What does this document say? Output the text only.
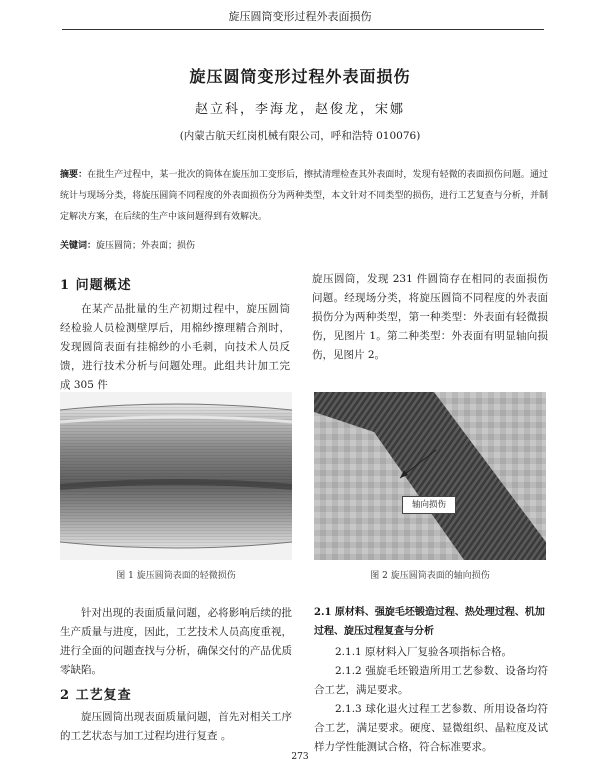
旋压圆筒变形过程外表面损伤
旋压圆筒变形过程外表面损伤
赵立科，李海龙，赵俊龙，宋娜
(内蒙古航天红岗机械有限公司，呼和浩特 010076)
摘要：在批生产过程中，某一批次的筒体在旋压加工变形后，擦拭清理检查其外表面时，发现有轻微的表面损伤问题。通过统计与现场分类，将旋压圆筒不同程度的外表面损伤分为两种类型，本文针对不同类型的损伤，进行工艺复查与分析，并制定解决方案，在后续的生产中该问题得到有效解决。
关键词：旋压圆筒；外表面；损伤
1 问题概述
在某产品批量的生产初期过程中，旋压圆筒经检验人员检测壁厚后，用棉纱擦理精合剂时，发现圆筒表面有挂棉纱的小毛刺，向技术人员反馈，进行技术分析与问题处理。此组共计加工完成 305 件
旋压圆筒，发现 231 件圆筒存在相同的表面损伤问题。经现场分类，将旋压圆筒不同程度的外表面损伤分为两种类型，第一种类型：外表面有轻微损伤，见图片 1。第二种类型：外表面有明显轴向损伤，见图片 2。
图 1 旋压圆筒表面的轻微损伤
轴向损伤
图 2 旋压圆筒表面的轴向损伤
针对出现的表面质量问题，必将影响后续的批生产质量与进度，因此，工艺技术人员高度重视，进行全面的问题查找与分析，确保交付的产品优质零缺陷。
2 工艺复查
旋压圆筒出现表面质量问题，首先对相关工序的工艺状态与加工过程均进行复查 。
2.1 原材料、强旋毛坯锻造过程、热处理过程、机加过程、旋压过程复查与分析
2.1.1 原材料入厂复验各项指标合格。
2.1.2 强旋毛坯锻造所用工艺参数、设备均符合工艺，满足要求。
2.1.3 球化退火过程工艺参数、所用设备均符合工艺，满足要求。硬度、显微组织、晶粒度及试样力学性能测试合格，符合标准要求。
273
